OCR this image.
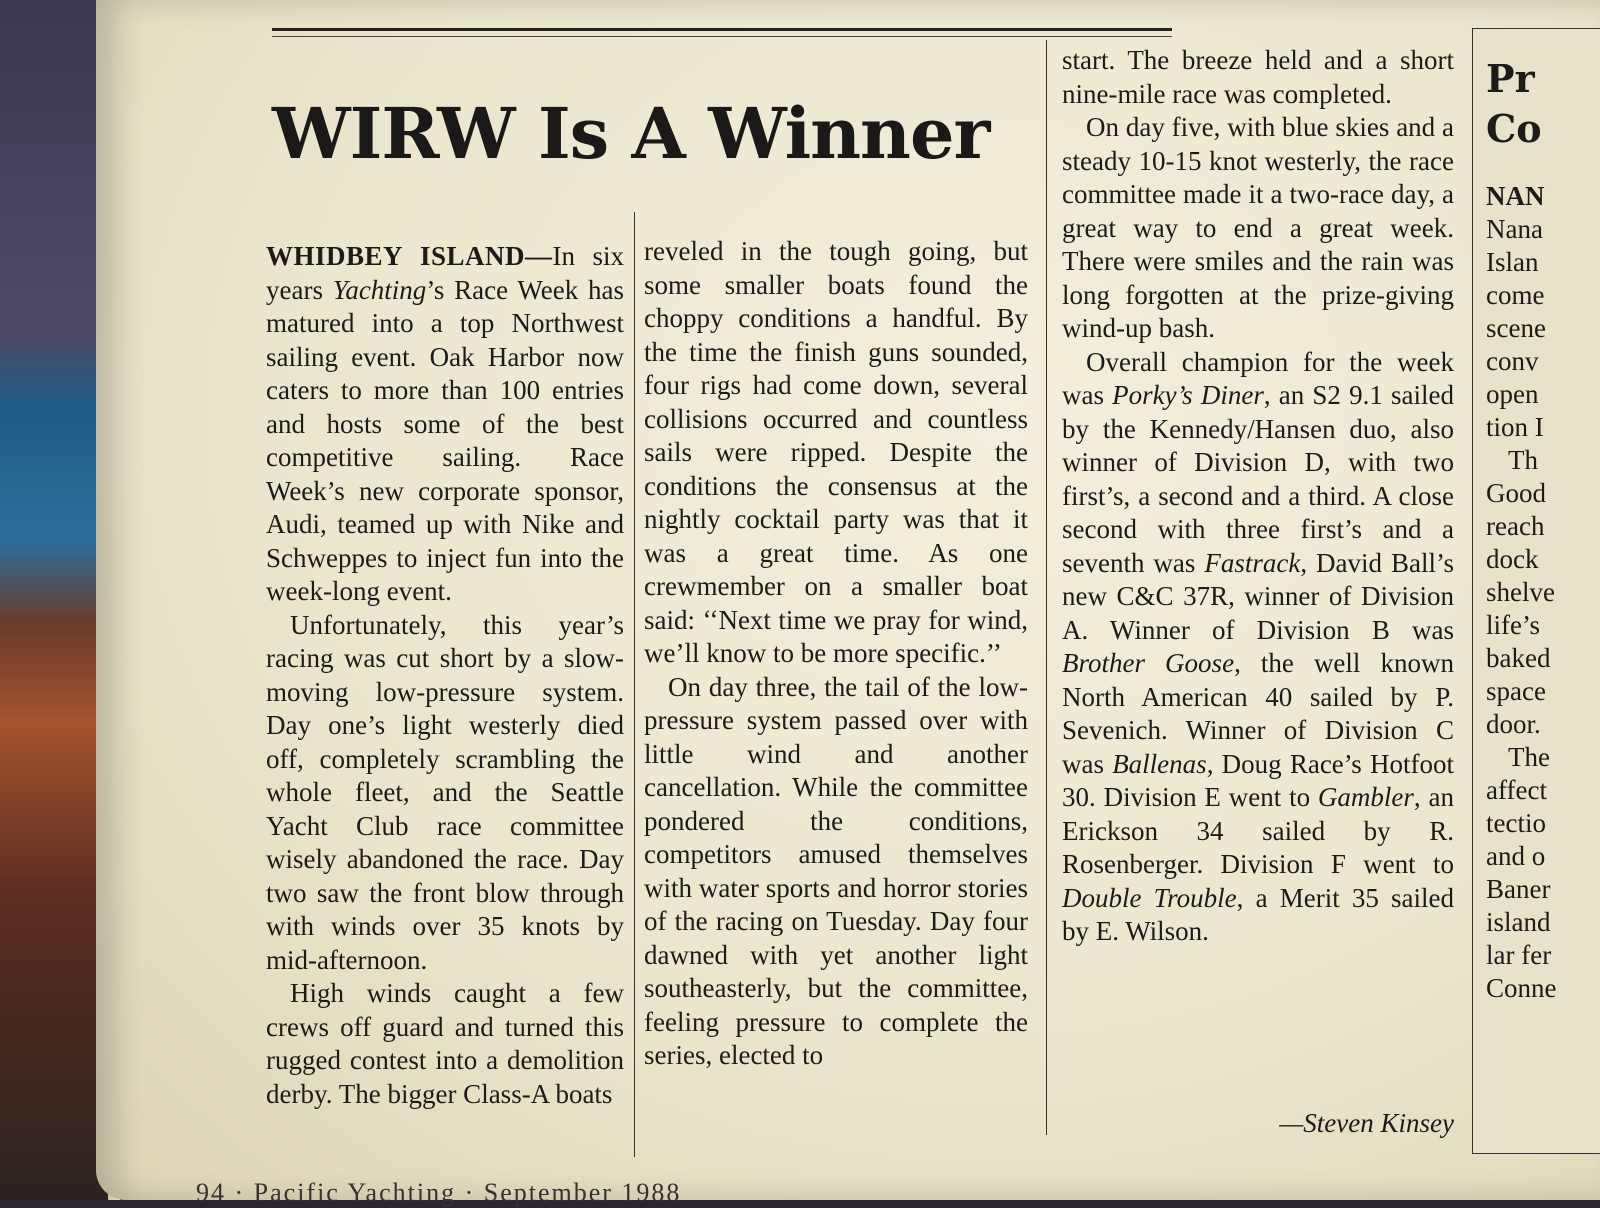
WIRW Is A Winner

WHIDBEY ISLAND—In six years Yachting’s Race Week has matured into a top Northwest sailing event. Oak Harbor now caters to more than 100 entries and hosts some of the best competitive sailing. Race Week’s new corporate sponsor, Audi, teamed up with Nike and Schweppes to inject fun into the week-long event.

Unfortunately, this year’s racing was cut short by a slow-moving low-pressure system. Day one’s light westerly died off, completely scrambling the whole fleet, and the Seattle Yacht Club race committee wisely abandoned the race. Day two saw the front blow through with winds over 35 knots by mid-afternoon.

High winds caught a few crews off guard and turned this rugged contest into a demolition derby. The bigger Class-A boats

reveled in the tough going, but some smaller boats found the choppy conditions a handful. By the time the finish guns sounded, four rigs had come down, several collisions occurred and countless sails were ripped. Despite the conditions the consensus at the nightly cocktail party was that it was a great time. As one crewmember on a smaller boat said: ‘‘Next time we pray for wind, we’ll know to be more specific.’’

On day three, the tail of the low-pressure system passed over with little wind and another cancellation. While the committee pondered the conditions, competitors amused themselves with water sports and horror stories of the racing on Tuesday. Day four dawned with yet another light southeasterly, but the committee, feeling pressure to complete the series, elected to

start. The breeze held and a short nine-mile race was completed.

On day five, with blue skies and a steady 10-15 knot westerly, the race committee made it a two-race day, a great way to end a great week. There were smiles and the rain was long forgotten at the prize-giving wind-up bash.

Overall champion for the week was Porky’s Diner, an S2 9.1 sailed by the Kennedy/Hansen duo, also winner of Division D, with two first’s, a second and a third. A close second with three first’s and a seventh was Fastrack, David Ball’s new C&C 37R, winner of Division A. Winner of Division B was Brother Goose, the well known North American 40 sailed by P. Sevenich. Winner of Division C was Ballenas, Doug Race’s Hotfoot 30. Division E went to Gambler, an Erickson 34 sailed by R. Rosenberger. Division F went to Double Trouble, a Merit 35 sailed by E. Wilson.

—Steven Kinsey
Pr
Co
NAN
Nana
Islan
come
scene
conv
open
tion I
Th
Good
reach
dock
shelve
life’s
baked
space
door.
The
affect
tectio
and o
Baner
island
lar fer
Conne
94 · Pacific Yachting · September 1988
